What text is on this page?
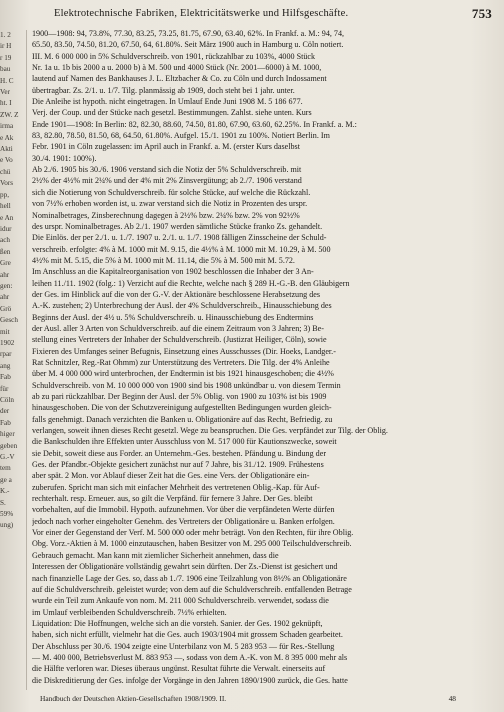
1. 2
ir H
r 19
bau
H. C
Ver
ht. I
ZW. Z
irma
e Ak
Akti
e Vo
chü
Vors
pp,
hell
e An
idur
ach
ßen
Gre
ahr
gen:
ahr
Grö
Gesch
mit
1902
rpar
ang
Fab
für
Cöln
der
Fab
higer
geben
G.-V
tem
ge a
K.-
S.
59%
ung)
Elektrotechnische Fabriken, Elektricitätswerke und Hilfsgeschäfte.	753
1900—1908: 94, 73.8%, 77.30, 83.25, 73.25, 81.75, 67.90, 63.40, 62%. In Frankf. a. M.: 94, 74,
65.50, 83.50, 74.50, 81.20, 67.50, 64, 61.80%. Seit März 1900 auch in Hamburg u. Cöln notiert.
III. M. 6 000 000 in 5% Schuldverschreib. von 1901, rückzahlbar zu 103%, 4000 Stück
Nr. 1a u. 1b bis 2000 a u. 2000 b) à M. 500 und 4000 Stück (Nr. 2001—6000) à M. 1000,
lautend auf Namen des Bankhauses J. L. Eltzbacher & Co. zu Cöln und durch Indossament
übertragbar. Zs. 2/1. u. 1/7. Tilg. planmässig ab 1909, doch steht bei 1 jahr. unter.
Die Anleihe ist hypoth. nicht eingetragen. In Umlauf Ende Juni 1908 M. 5 186 677.
Verj. der Coup. und der Stücke nach gesetzl. Bestimmungen. Zahlst. siehe unten. Kurs
Ende 1901—1908: In Berlin: 82, 82.30, 88.60, 74.50, 81.80, 67.90, 63.60, 62.25%. In Frankf. a. M.:
83, 82.80, 78.50, 81.50, 68, 64.50, 61.80%. Aufgel. 15./1. 1901 zu 100%. Notiert Berlin. Im
Febr. 1901 in Cöln zugelassen: im April auch in Frankf. a. M. (erster Kurs daselbst
30./4. 1901: 100%).
Ab 2./6. 1905 bis 30./6. 1906 verstand sich die Notiz der 5% Schuldverschreib. mit
2½% der 4½% mit 2¼% und der 4% mit 2% Zinsvergütung; ab 2./7. 1906 verstand
sich die Notierung von Schuldverschreib. für solche Stücke, auf welche die Rückzahl.
von 7½% erhoben worden ist, u. zwar verstand sich die Notiz in Prozenten des urspr.
Nominalbetrages, Zinsberechnung dagegen à 2½% bzw. 2¼% bzw. 2% von 92½%
des urspr. Nominalbetrages. Ab 2./1. 1907 werden sämtliche Stücke franko Zs. gehandelt.
Die Einlös. der per 2./1. u. 1./7. 1907 u. 2./1. u. 1./7. 1908 fälligen Zinsscheine der Schuld-
verschreib. erfolgte: 4% à M. 1000 mit M. 9.15, die 4½% à M. 1000 mit M. 10.29, à M. 500
4½% mit M. 5.15, die 5% à M. 1000 mit M. 11.14, die 5% à M. 500 mit M. 5.72.
Im Anschluss an die Kapitalreorganisation von 1902 beschlossen die Inhaber der 3 An-
leihen 11./11. 1902 (folg.: 1) Verzicht auf die Rechte, welche nach § 289 H.-G.-B. den Gläubigern
der Ges. im Hinblick auf die von der G.-V. der Aktionäre beschlossene Herabsetzung des
A.-K. zustehen; 2) Unterbrechung der Ausl. der 4% Schuldverschreib., Hinausschiebung des
Beginns der Ausl. der 4½ u. 5% Schuldverschreib. u. Hinausschiebung des Endtermins
der Ausl. aller 3 Arten von Schuldverschreib. auf die einem Zeitraum von 3 Jahren; 3) Be-
stellung eines Vertreters der Inhaber der Schuldverschreib. (Justizrat Heiliger, Cöln), sowie
Fixieren des Umfanges seiner Befugnis, Einsetzung eines Ausschusses (Dir. Hoeks, Landger.-
Rat Schnitzler, Reg.-Rat Ohmm) zur Unterstützung des Vertreters. Die Tilg. der 4% Anleihe
über M. 4 000 000 wird unterbrochen, der Endtermin ist bis 1921 hinausgeschoben; die 4½%
Schuldverschreib. von M. 10 000 000 von 1900 sind bis 1908 unkündbar u. von diesem Termin
ab zu pari rückzahlbar. Der Beginn der Ausl. der 5% Oblig. von 1900 zu 103% ist bis 1909
hinausgeschoben. Die von der Schutzvereinigung aufgestellten Bedingungen wurden gleich-
falls genehmigt. Danach verzichten die Banken u. Obligationäre auf das Recht, Befriedig. zu
verlangen, soweit ihnen dieses Recht gesetzl. Wege zu beanspruchen. Die Ges. verpfändet zur Tilg. der Oblig.
die Bankschulden ihre Effekten unter Ausschluss von M. 517 000 für Kautionszwecke, soweit
sie Debit, soweit diese aus Forder. an Unternehm.-Ges. bestehen. Pfändung u. Bindung der
Ges. der Pfandbr.-Objekte gesichert zunächst nur auf 7 Jahre, bis 31./12. 1909. Frühestens
aber spät. 2 Mon. vor Ablauf dieser Zeit hat die Ges. eine Vers. der Obligationäre ein-
zuberufen. Spricht man sich mit einfacher Mehrheit des vertretenen Oblig.-Kap. für Auf-
rechterhalt. resp. Erneuer. aus, so gilt die Verpfänd. für fernere 3 Jahre. Der Ges. bleibt
vorbehalten, auf die Immobil. Hypoth. aufzunehmen. Vor über die verpfändeten Werte dürfen
jedoch nach vorher eingeholter Genehm. des Vertreters der Obligationäre u. Banken erfolgen.
Vor einer der Gegenstand der Verf. M. 500 000 oder mehr beträgt. Von den Rechten, für ihre Oblig.
Obg. Vorz.-Aktien à M. 1000 einzutauschen, haben Besitzer von M. 295 000 Teilschuldverschreib.
Gebrauch gemacht. Man kann mit ziemlicher Sicherheit annehmen, dass die
Interessen der Obligationäre vollständig gewahrt sein dürften. Der Zs.-Dienst ist gesichert und
nach finanzielle Lage der Ges. so, dass ab 1./7. 1906 eine Teilzahlung von 8½% an Obligationäre
auf die Schuldverschreib. geleistet wurde; von dem auf die Schuldverschreib. entfallenden Betrage
wurde ein Teil zum Ankaufe von nom. M. 211 000 Schuldverschreib. verwendet, sodass die
im Umlauf verbleibenden Schuldverschreib. 7½% erhielten.
Liquidation: Die Hoffnungen, welche sich an die vorsteh. Sanier. der Ges. 1902 geknüpft,
haben, sich nicht erfüllt, vielmehr hat die Ges. auch 1903/1904 mit grossem Schaden gearbeitet.
Der Abschluss per 30./6. 1904 zeigte eine Unterbilanz von M. 5 283 953 — für Res.-Stellung
— M. 400 000, Betriebsverlust M. 883 953 —, sodass von dem A.-K. von M. 8 395 000 mehr als
die Hälfte verloren war. Dieses überaus ungünst. Resultat führte die Verwalt. einerseits auf
die Diskreditierung der Ges. infolge der Vorgänge in den Jahren 1890/1900 zurück, die Ges. hatte
Handbuch der Deutschen Aktien-Gesellschaften 1908/1909. II.	48
